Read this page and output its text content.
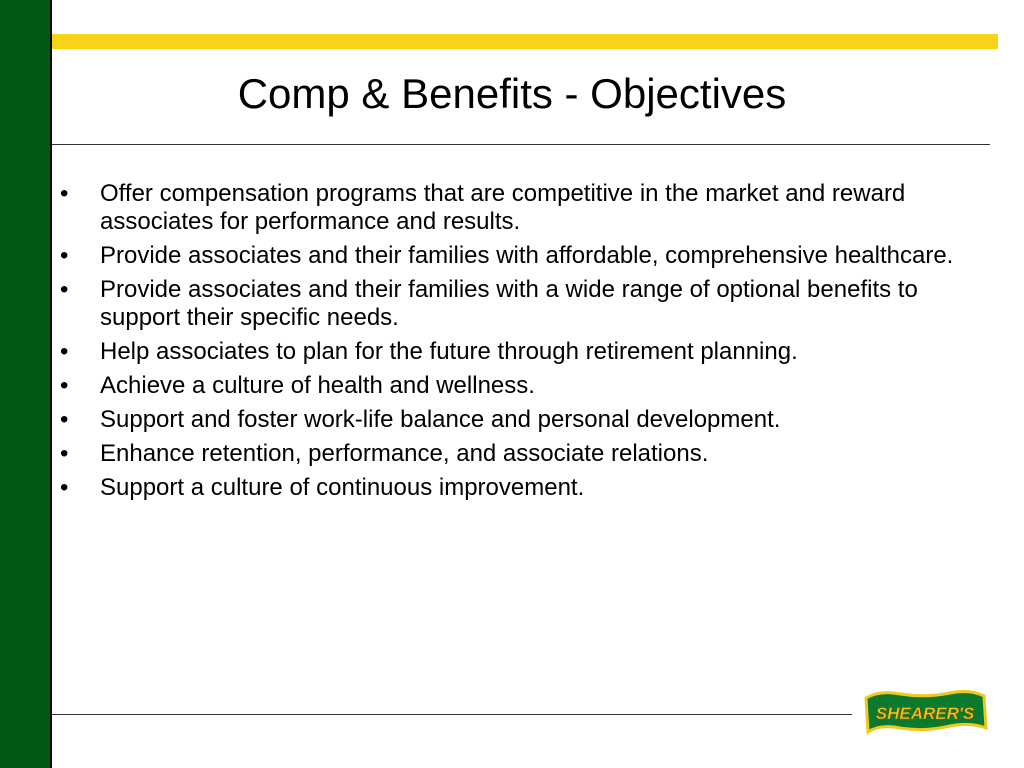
Comp & Benefits - Objectives
• Offer compensation programs that are competitive in the market and reward associates for performance and results.
• Provide associates and their families with affordable, comprehensive healthcare.
• Provide associates and their families with a wide range of optional benefits to support their specific needs.
• Help associates to plan for the future through retirement planning.
• Achieve a culture of health and wellness.
• Support and foster work-life balance and personal development.
• Enhance retention, performance, and associate relations.
• Support a culture of continuous improvement.
SHEARER'S
